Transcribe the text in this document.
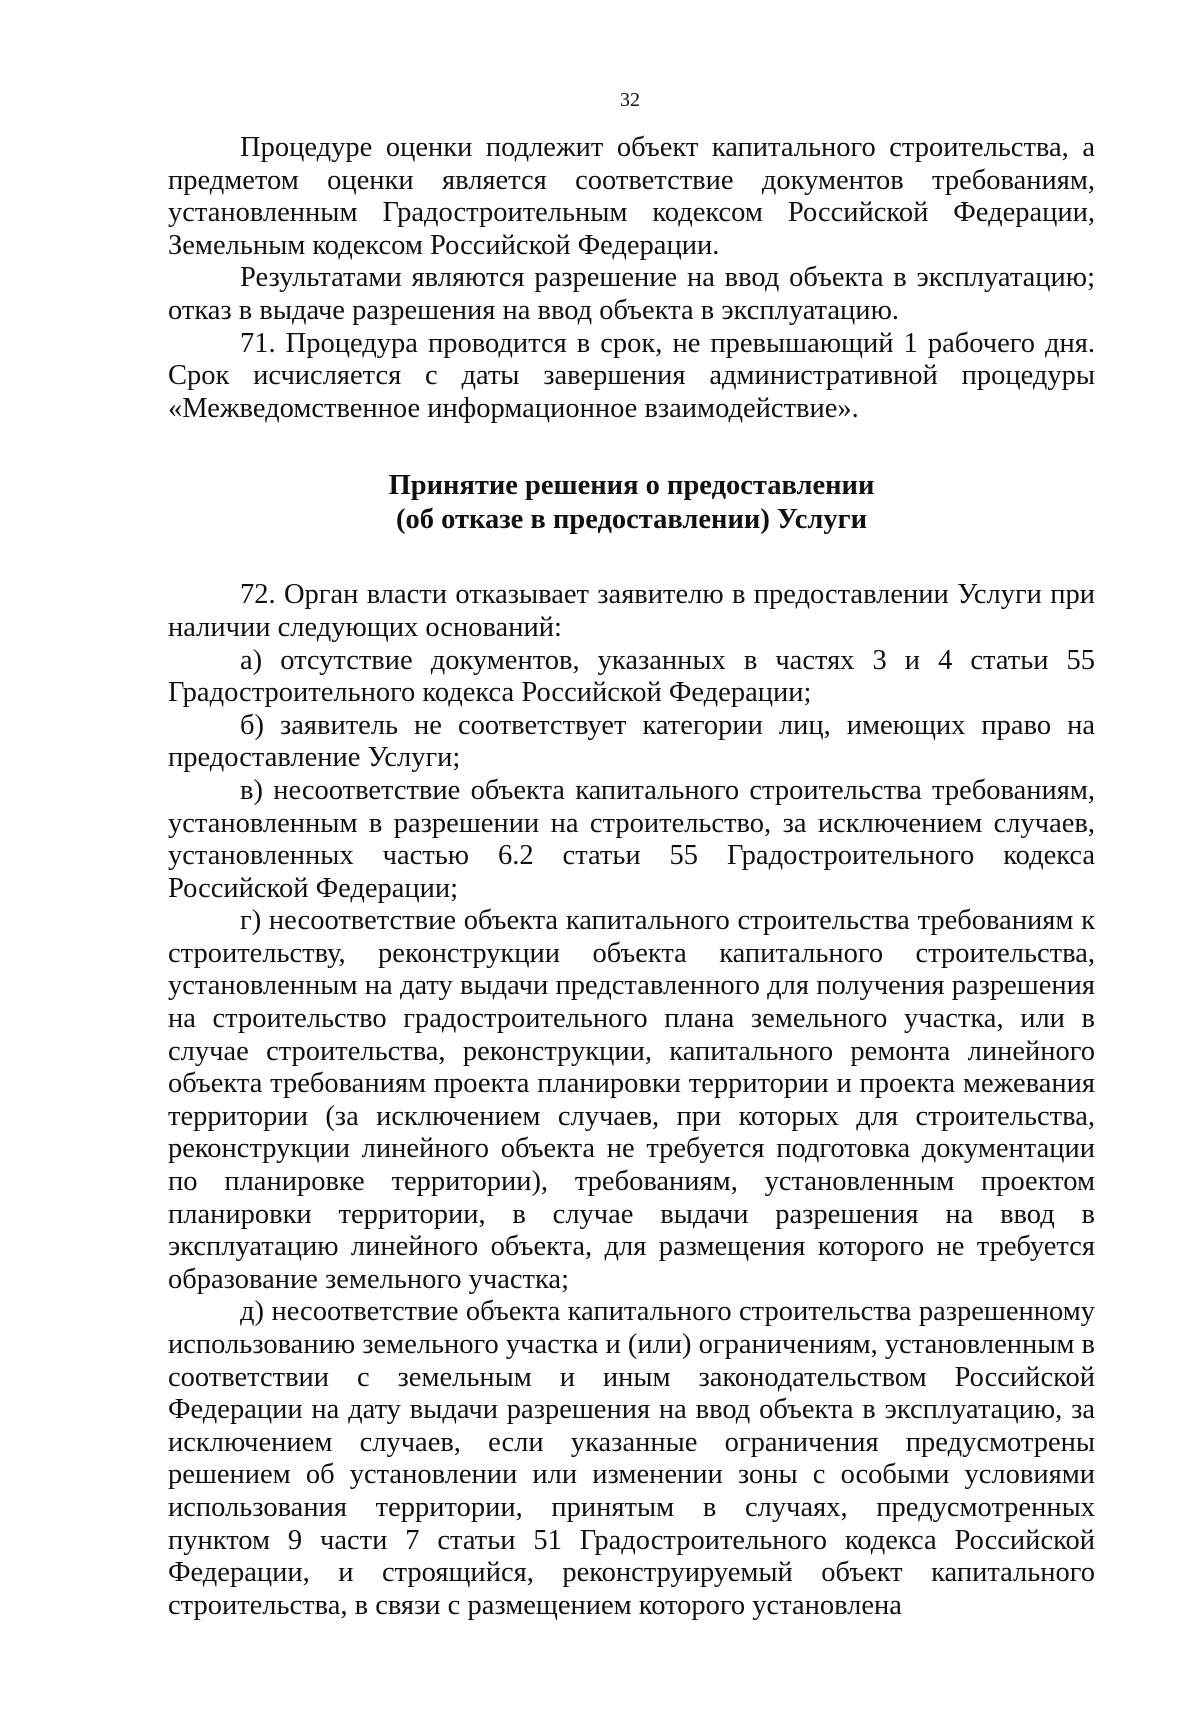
32

Процедуре оценки подлежит объект капитального строительства, а предметом оценки является соответствие документов требованиям, установленным Градостроительным кодексом Российской Федерации, Земельным кодексом Российской Федерации.

Результатами являются разрешение на ввод объекта в эксплуатацию; отказ в выдаче разрешения на ввод объекта в эксплуатацию.

71. Процедура проводится в срок, не превышающий 1 рабочего дня. Срок исчисляется с даты завершения административной процедуры «Межведомственное информационное взаимодействие».

Принятие решения о предоставлении
(об отказе в предоставлении) Услуги

72. Орган власти отказывает заявителю в предоставлении Услуги при наличии следующих оснований:

а) отсутствие документов, указанных в частях 3 и 4 статьи 55 Градостроительного кодекса Российской Федерации;

б) заявитель не соответствует категории лиц, имеющих право на предоставление Услуги;

в) несоответствие объекта капитального строительства требованиям, установленным в разрешении на строительство, за исключением случаев, установленных частью 6.2 статьи 55 Градостроительного кодекса Российской Федерации;

г) несоответствие объекта капитального строительства требованиям к строительству, реконструкции объекта капитального строительства, установленным на дату выдачи представленного для получения разрешения на строительство градостроительного плана земельного участка, или в случае строительства, реконструкции, капитального ремонта линейного объекта требованиям проекта планировки территории и проекта межевания территории (за исключением случаев, при которых для строительства, реконструкции линейного объекта не требуется подготовка документации по планировке территории), требованиям, установленным проектом планировки территории, в случае выдачи разрешения на ввод в эксплуатацию линейного объекта, для размещения которого не требуется образование земельного участка;

д) несоответствие объекта капитального строительства разрешенному использованию земельного участка и (или) ограничениям, установленным в соответствии с земельным и иным законодательством Российской Федерации на дату выдачи разрешения на ввод объекта в эксплуатацию, за исключением случаев, если указанные ограничения предусмотрены решением об установлении или изменении зоны с особыми условиями использования территории, принятым в случаях, предусмотренных пунктом 9 части 7 статьи 51 Градостроительного кодекса Российской Федерации, и строящийся, реконструируемый объект капитального строительства, в связи с размещением которого установлена
